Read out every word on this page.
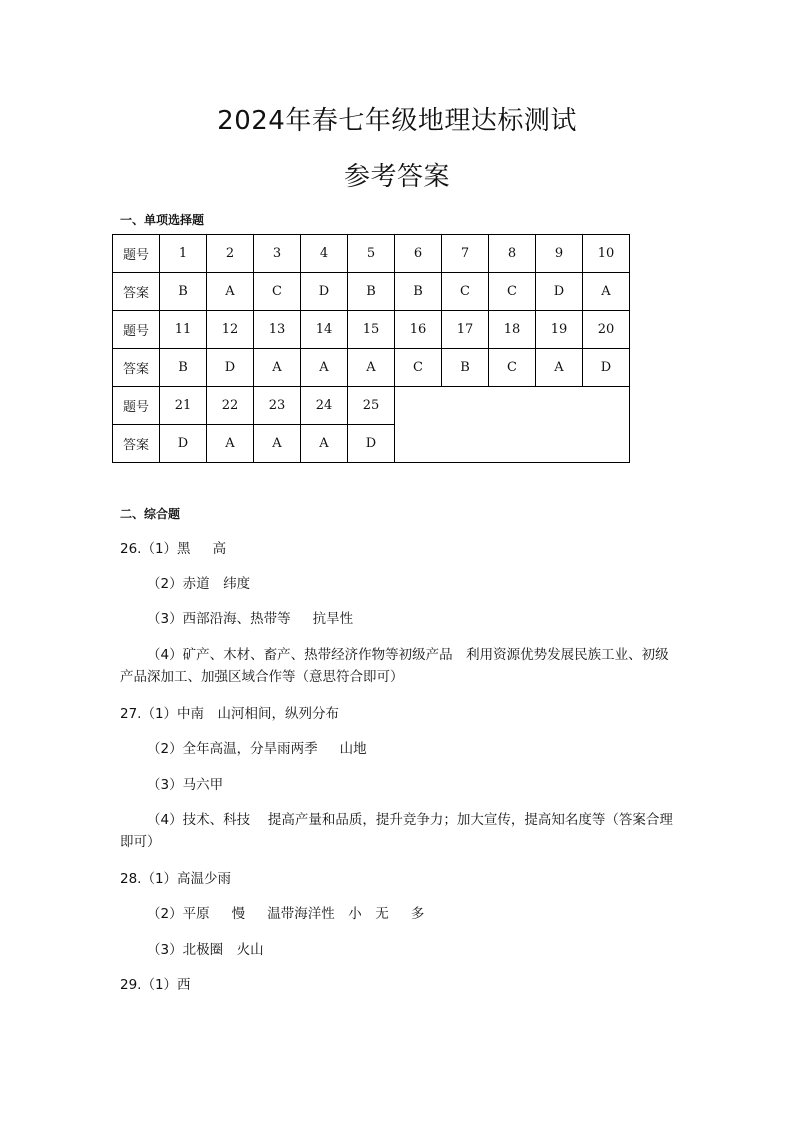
2024年春七年级地理达标测试
参考答案
一、单项选择题
题号	1	2	3	4	5	6	7	8	9	10
答案	B	A	C	D	B	B	C	C	D	A
题号	11	12	13	14	15	16	17	18	19	20
答案	B	D	A	A	A	C	B	C	A	D
题号	21	22	23	24	25					
答案	D	A	A	A	D					
二、综合题
26.（1）黑　  高
（2）赤道　纬度
（3）西部沿海、热带等　  抗旱性
（4）矿产、木材、畜产、热带经济作物等初级产品　利用资源优势发展民族工业、初级产品深加工、加强区域合作等（意思符合即可）
27.（1）中南　山河相间，纵列分布
（2）全年高温，分旱雨两季　  山地
（3）马六甲
（4）技术、科技　 提高产量和品质，提升竞争力；加大宣传，提高知名度等（答案合理即可）
28.（1）高温少雨
（2）平原　  慢　  温带海洋性　小　无　  多
（3）北极圈　火山
29.（1）西
